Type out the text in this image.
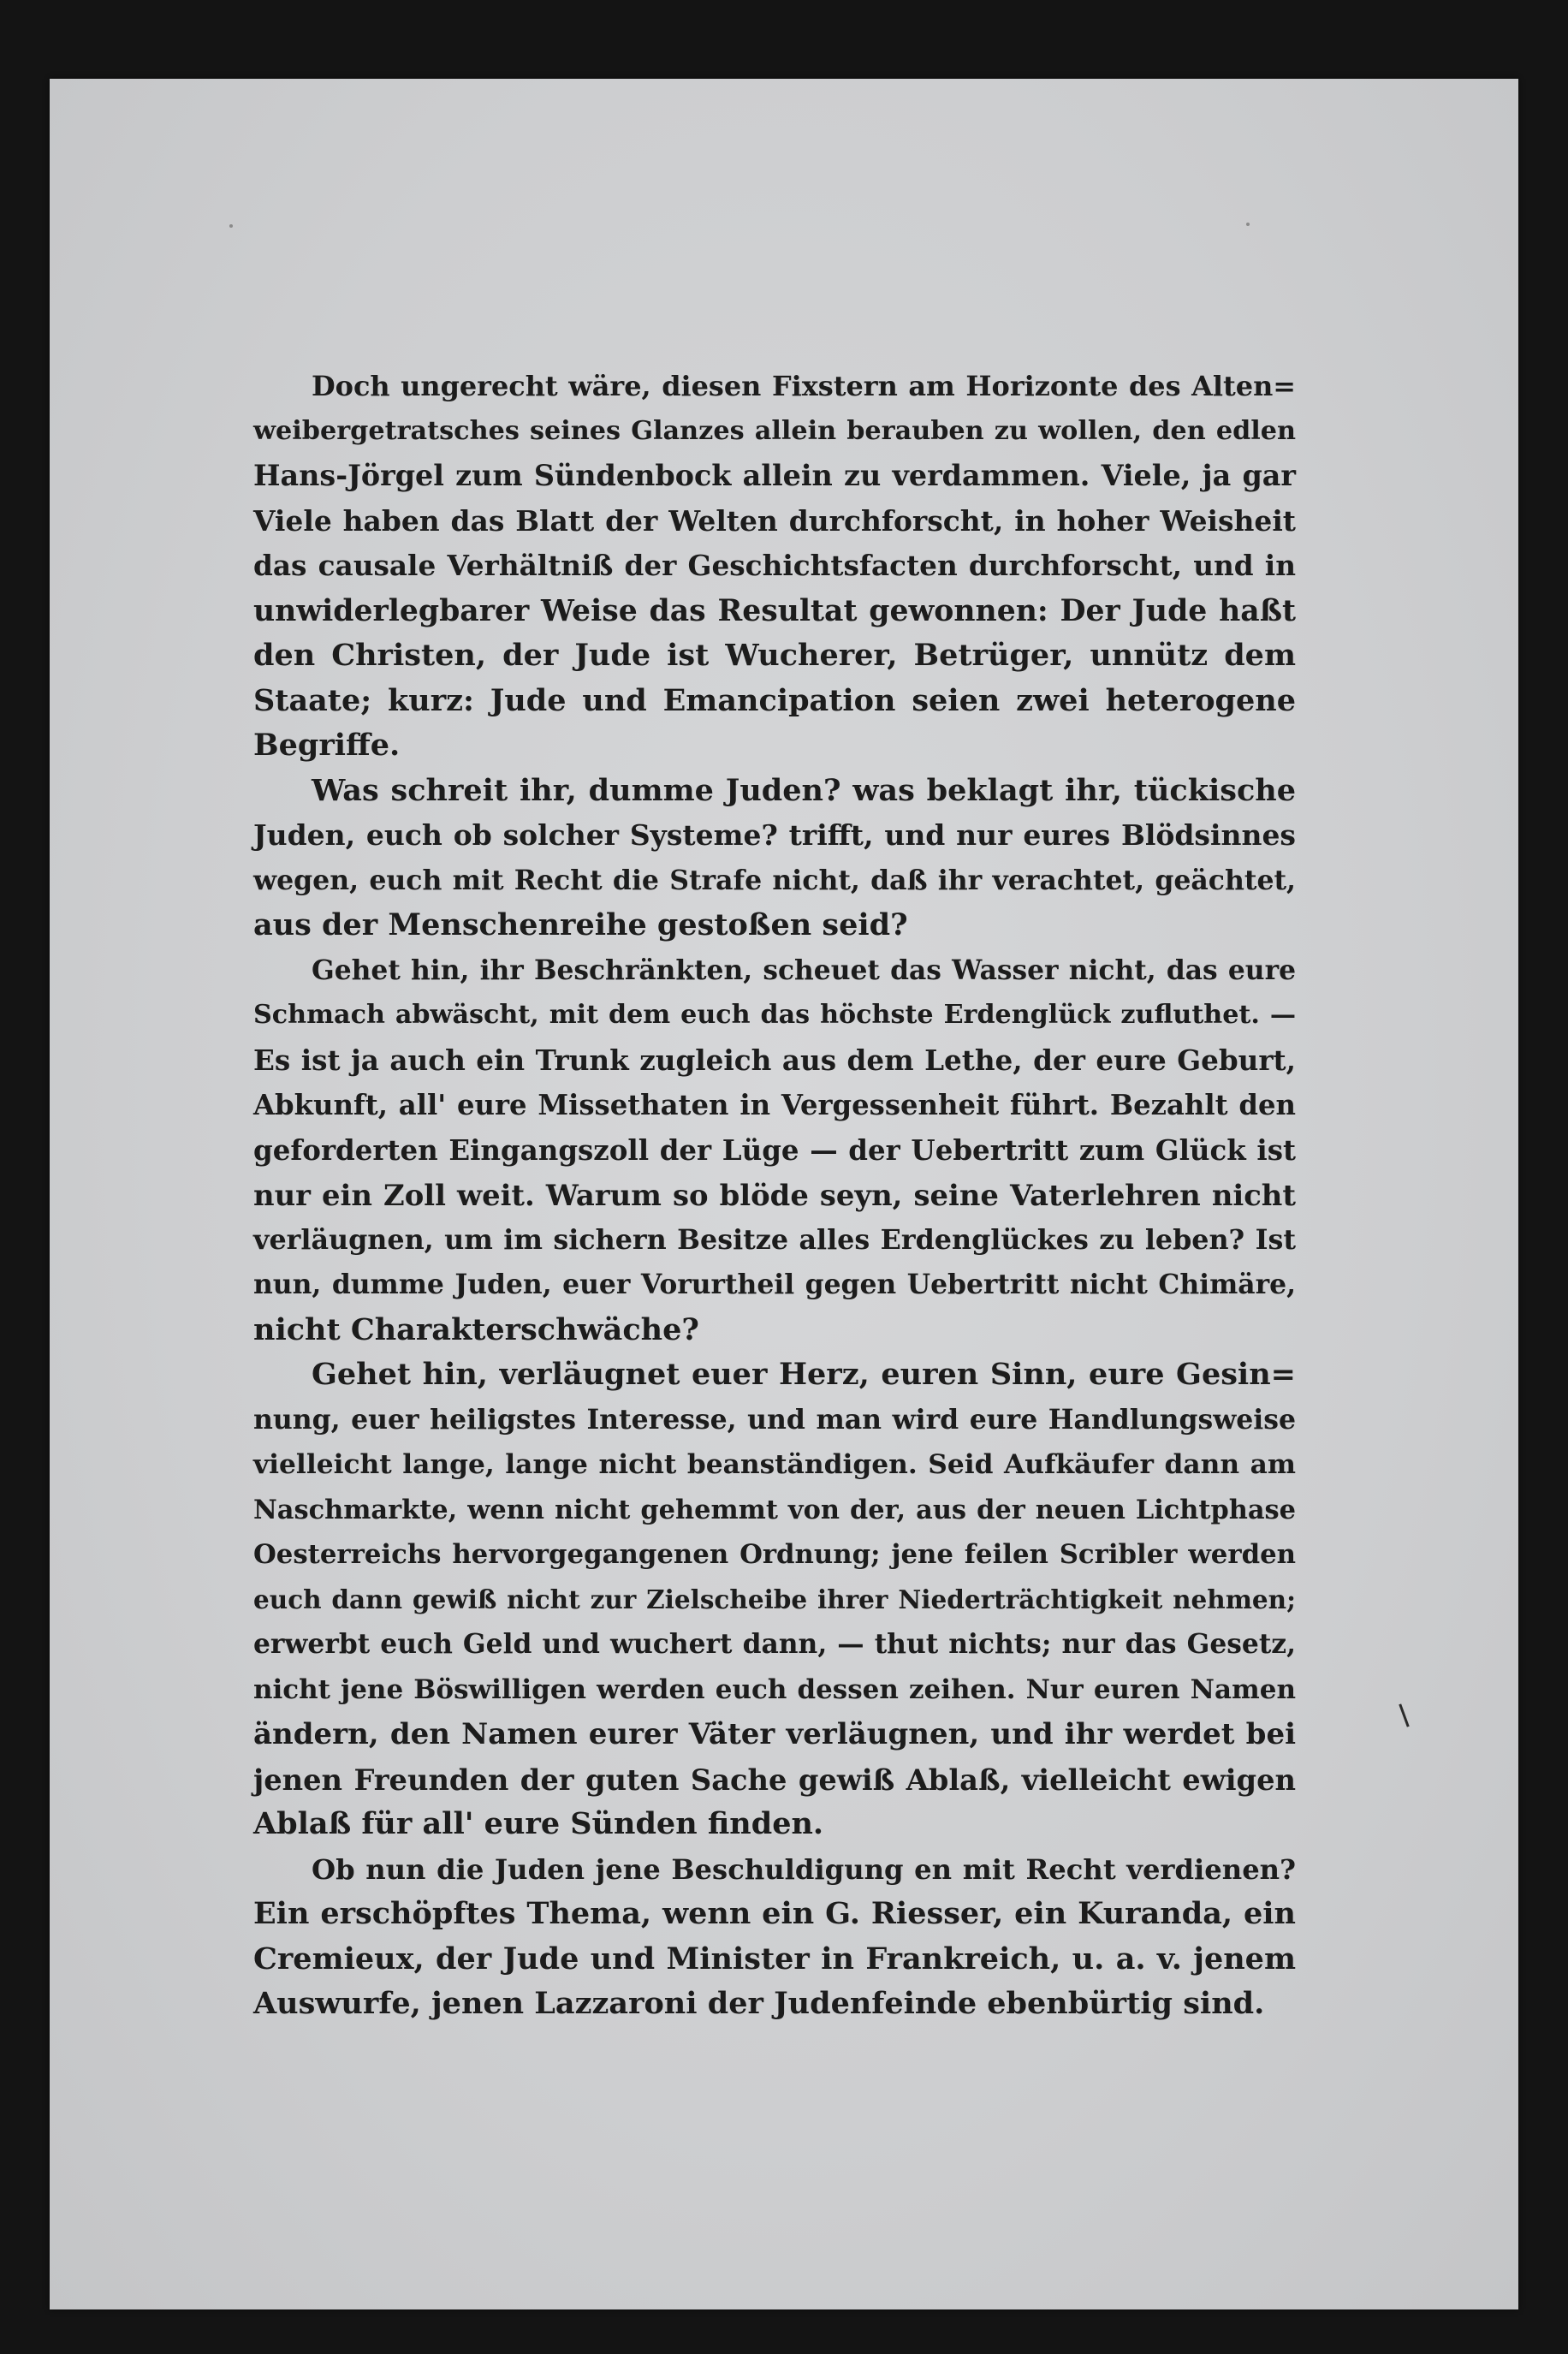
Doch ungerecht wäre, diesen Fixstern am Horizonte des Alten=
weibergetratsches seines Glanzes allein berauben zu wollen, den edlen
Hans-Jörgel zum Sündenbock allein zu verdammen. Viele, ja gar
Viele haben das Blatt der Welten durchforscht, in hoher Weisheit
das causale Verhältniß der Geschichtsfacten durchforscht, und in
unwiderlegbarer Weise das Resultat gewonnen: Der Jude haßt
den Christen, der Jude ist Wucherer, Betrüger, unnütz dem
Staate; kurz: Jude und Emancipation seien zwei heterogene
Begriffe.
Was schreit ihr, dumme Juden? was beklagt ihr, tückische
Juden, euch ob solcher Systeme? trifft, und nur eures Blödsinnes
wegen, euch mit Recht die Strafe nicht, daß ihr verachtet, geächtet,
aus der Menschenreihe gestoßen seid?
Gehet hin, ihr Beschränkten, scheuet das Wasser nicht, das eure
Schmach abwäscht, mit dem euch das höchste Erdenglück zufluthet. —
Es ist ja auch ein Trunk zugleich aus dem Lethe, der eure Geburt,
Abkunft, all' eure Missethaten in Vergessenheit führt. Bezahlt den
geforderten Eingangszoll der Lüge — der Uebertritt zum Glück ist
nur ein Zoll weit. Warum so blöde seyn, seine Vaterlehren nicht
verläugnen, um im sichern Besitze alles Erdenglückes zu leben? Ist
nun, dumme Juden, euer Vorurtheil gegen Uebertritt nicht Chimäre,
nicht Charakterschwäche?
Gehet hin, verläugnet euer Herz, euren Sinn, eure Gesin=
nung, euer heiligstes Interesse, und man wird eure Handlungsweise
vielleicht lange, lange nicht beanständigen. Seid Aufkäufer dann am
Naschmarkte, wenn nicht gehemmt von der, aus der neuen Lichtphase
Oesterreichs hervorgegangenen Ordnung; jene feilen Scribler werden
euch dann gewiß nicht zur Zielscheibe ihrer Niederträchtigkeit nehmen;
erwerbt euch Geld und wuchert dann, — thut nichts; nur das Gesetz,
nicht jene Böswilligen werden euch dessen zeihen. Nur euren Namen
ändern, den Namen eurer Väter verläugnen, und ihr werdet bei
jenen Freunden der guten Sache gewiß Ablaß, vielleicht ewigen
Ablaß für all' eure Sünden finden.
Ob nun die Juden jene Beschuldigung en mit Recht verdienen?
Ein erschöpftes Thema, wenn ein G. Riesser, ein Kuranda, ein
Cremieux, der Jude und Minister in Frankreich, u. a. v. jenem
Auswurfe, jenen Lazzaroni der Judenfeinde ebenbürtig sind.
